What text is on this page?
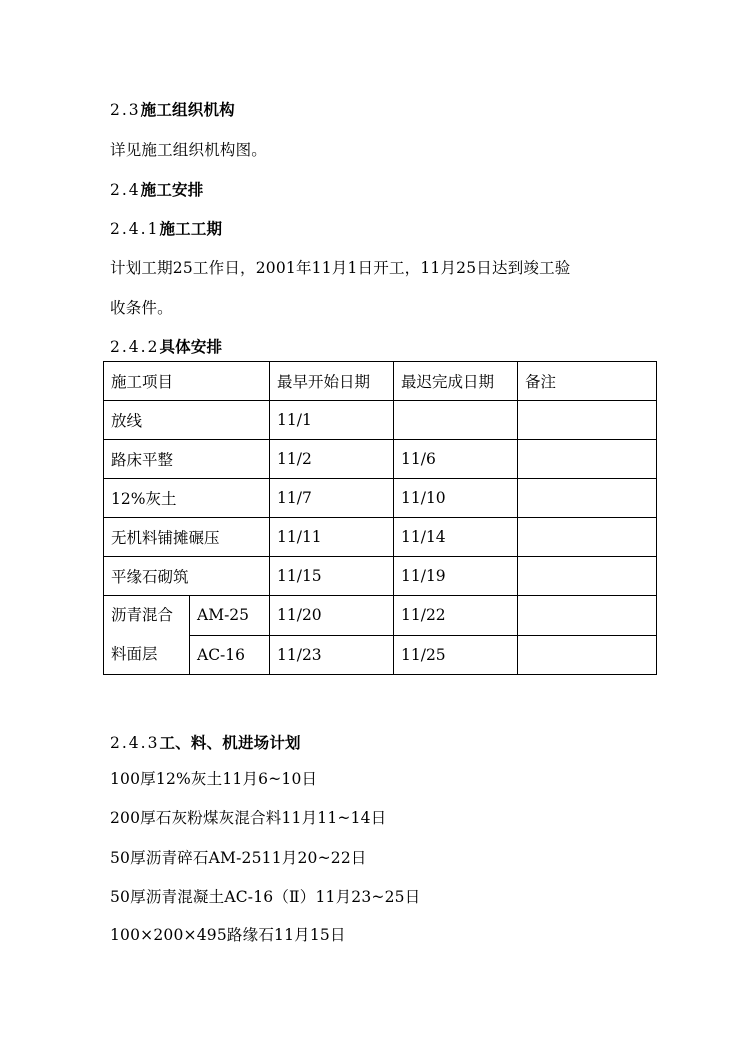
2.3施工组织机构
详见施工组织机构图。
2.4施工安排
2.4.1施工工期
计划工期25工作日，2001年11月1日开工，11月25日达到竣工验
收条件。
2.4.2具体安排
施工项目		最早开始日期	最迟完成日期	备注
放线		11/1		
路床平整		11/2	11/6	
12%灰土		11/7	11/10	
无机料铺摊碾压		11/11	11/14	
平缘石砌筑		11/15	11/19	

沥青混合
料面层	AM-25	11/20	11/22	
	AC-16	11/23	11/25	
2.4.3工、料、机进场计划
100厚12%灰土11月6~10日
200厚石灰粉煤灰混合料11月11~14日
50厚沥青碎石AM-2511月20~22日
50厚沥青混凝土AC-16（Ⅱ）11月23~25日
100×200×495路缘石11月15日
